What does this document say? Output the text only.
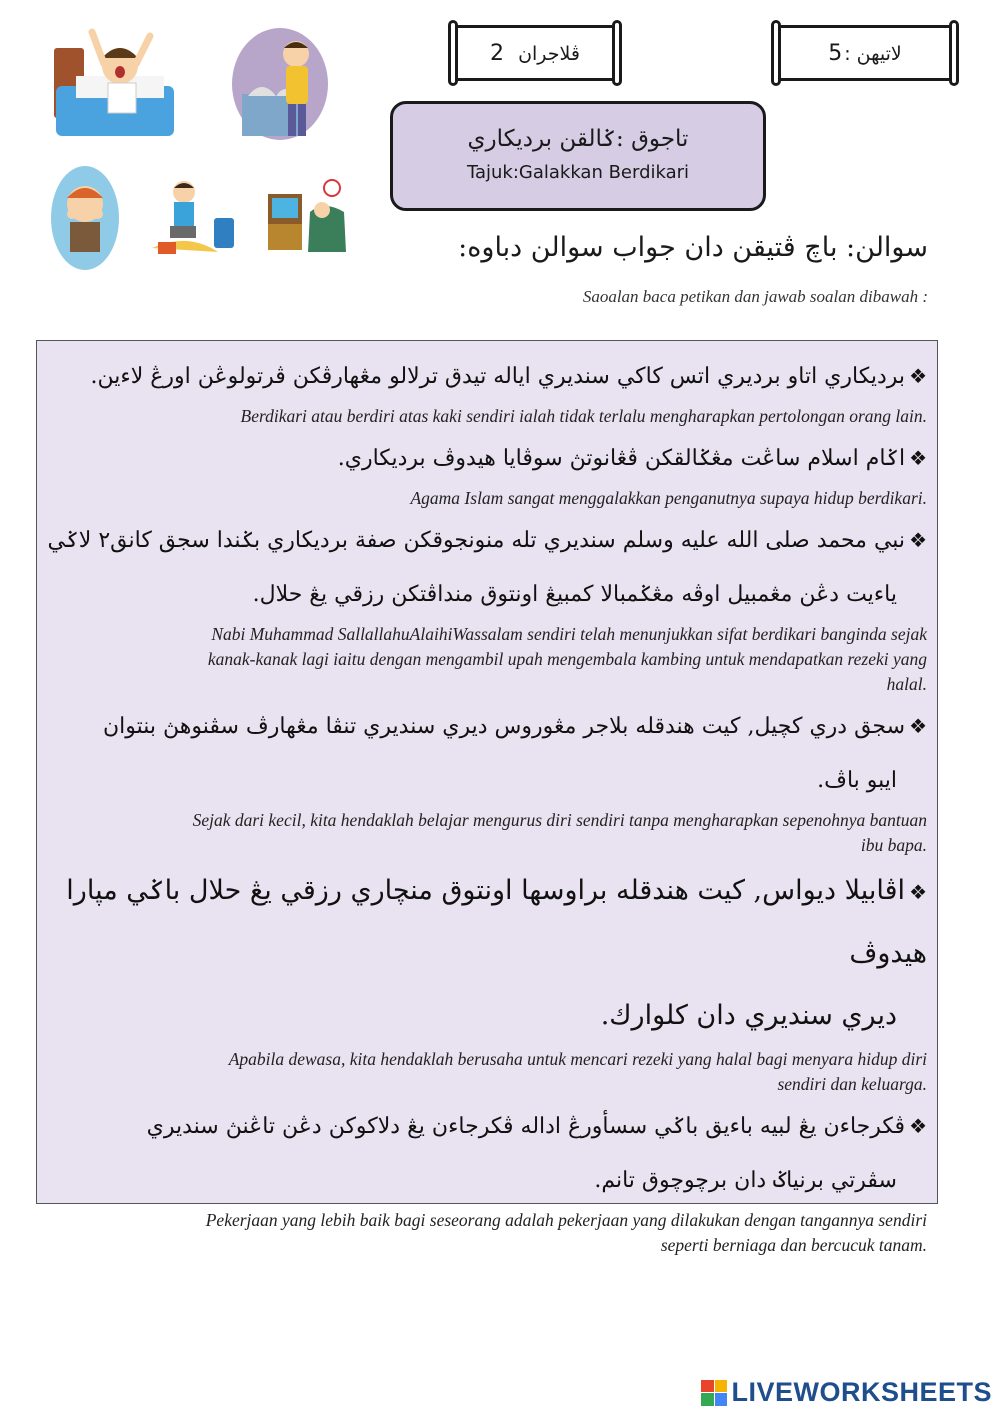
ڤلاجران 2	لاتيهن :5
تاجوق :ݢالقن برديكاري
Tajuk:Galakkan Berdikari
سوالن: باچ ڤتيقن دان جواب سوالن دباوه:
Saoalan baca petikan dan jawab soalan dibawah :
❖برديكاري اتاو برديري اتس كاكي سنديري اياله تيدق ترلالو مڠهارڤكن ڤرتولوڠن اورڠ لاءين.
Berdikari atau berdiri atas kaki sendiri ialah tidak terlalu mengharapkan pertolongan orang lain.
❖اݢام اسلام ساڠت مڠݢالقكن ڤڠانوتڽ سوڤايا هيدوڤ برديكاري.
Agama Islam sangat menggalakkan penganutnya supaya hidup berdikari.
❖نبي محمد صلى الله عليه وسلم سنديري تله منونجوقكن صفة برديكاري بݢندا سجق كانق٢ لاݢي
ياءيت دڠن مڠمبيل اوڤه مڠݢمبالا كمبيڠ اونتوق منداڤتكن رزقي يڠ حلال.
Nabi Muhammad SallallahuAlaihiWassalam sendiri telah menunjukkan sifat berdikari banginda sejak
kanak-kanak lagi iaitu dengan mengambil upah mengembala kambing untuk mendapatkan rezeki yang
halal.
❖سجق دري كچيل, كيت هندقله بلاجر مڠوروس ديري سنديري تنڤا مڠهارڤ سڤنوهڽ بنتوان
ايبو باڤ.
Sejak dari kecil, kita hendaklah belajar mengurus diri sendiri tanpa mengharapkan sepenohnya bantuan
ibu bapa.
❖اڤابيلا ديواس, كيت هندقله براوسها اونتوق منچاري رزقي يڠ حلال باݢي مپارا هيدوڤ
ديري سنديري دان كلوارك.
Apabila dewasa, kita hendaklah berusaha untuk mencari rezeki yang halal bagi menyara hidup diri
sendiri dan keluarga.
❖ڤكرجاءن يڠ لبيه باءيق باݢي سسأورڠ اداله ڤكرجاءن يڠ دلاكوكن دڠن تاڠنڽ سنديري
سڤرتي برنياݢ دان برچوچوق تانم.
Pekerjaan yang lebih baik bagi seseorang adalah pekerjaan yang dilakukan dengan tangannya sendiri
seperti berniaga dan bercucuk tanam.
LIVEWORKSHEETS
